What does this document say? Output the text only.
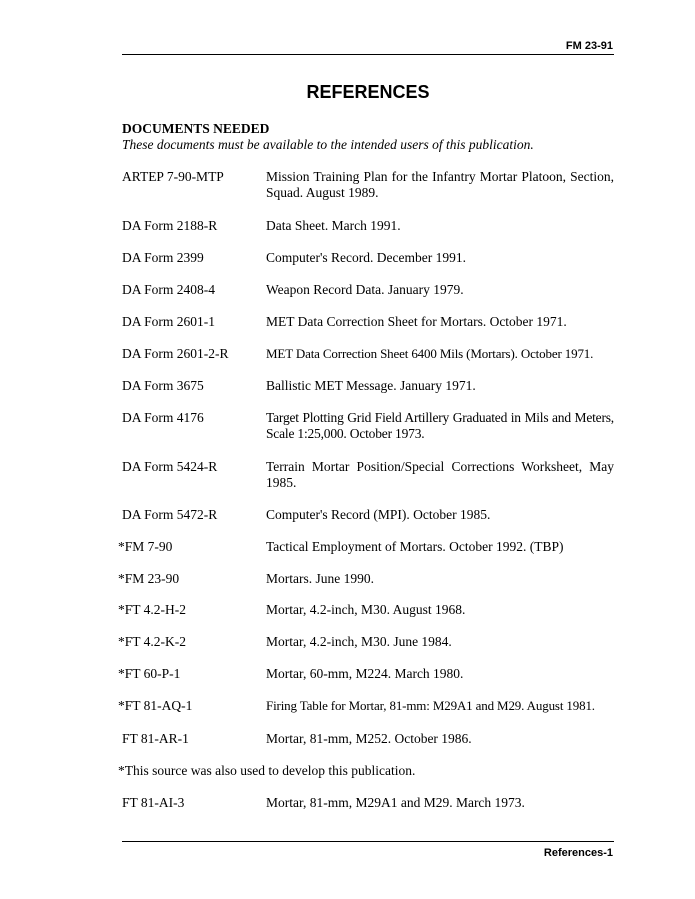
FM 23-91
REFERENCES
DOCUMENTS NEEDED
These documents must be available to the intended users of this publication.
ARTEP 7-90-MTP	Mission Training Plan for the Infantry Mortar Platoon, Section, Squad. August 1989.
DA Form 2188-R	Data Sheet. March 1991.
DA Form 2399	Computer's Record. December 1991.
DA Form 2408-4	Weapon Record Data. January 1979.
DA Form 2601-1	MET Data Correction Sheet for Mortars. October 1971.
DA Form 2601-2-R	MET Data Correction Sheet 6400 Mils (Mortars). October 1971.
DA Form 3675	Ballistic MET Message. January 1971.
DA Form 4176	Target Plotting Grid Field Artillery Graduated in Mils and Meters, Scale 1:25,000. October 1973.
DA Form 5424-R	Terrain Mortar Position/Special Corrections Worksheet, May 1985.
DA Form 5472-R	Computer's Record (MPI). October 1985.
*FM 7-90	Tactical Employment of Mortars. October 1992. (TBP)
*FM 23-90	Mortars. June 1990.
*FT 4.2-H-2	Mortar, 4.2-inch, M30. August 1968.
*FT 4.2-K-2	Mortar, 4.2-inch, M30. June 1984.
*FT 60-P-1	Mortar, 60-mm, M224. March 1980.
*FT 81-AQ-1	Firing Table for Mortar, 81-mm: M29A1 and M29. August 1981.
FT 81-AR-1	Mortar, 81-mm, M252. October 1986.
*This source was also used to develop this publication.
FT 81-AI-3	Mortar, 81-mm, M29A1 and M29. March 1973.
References-1
